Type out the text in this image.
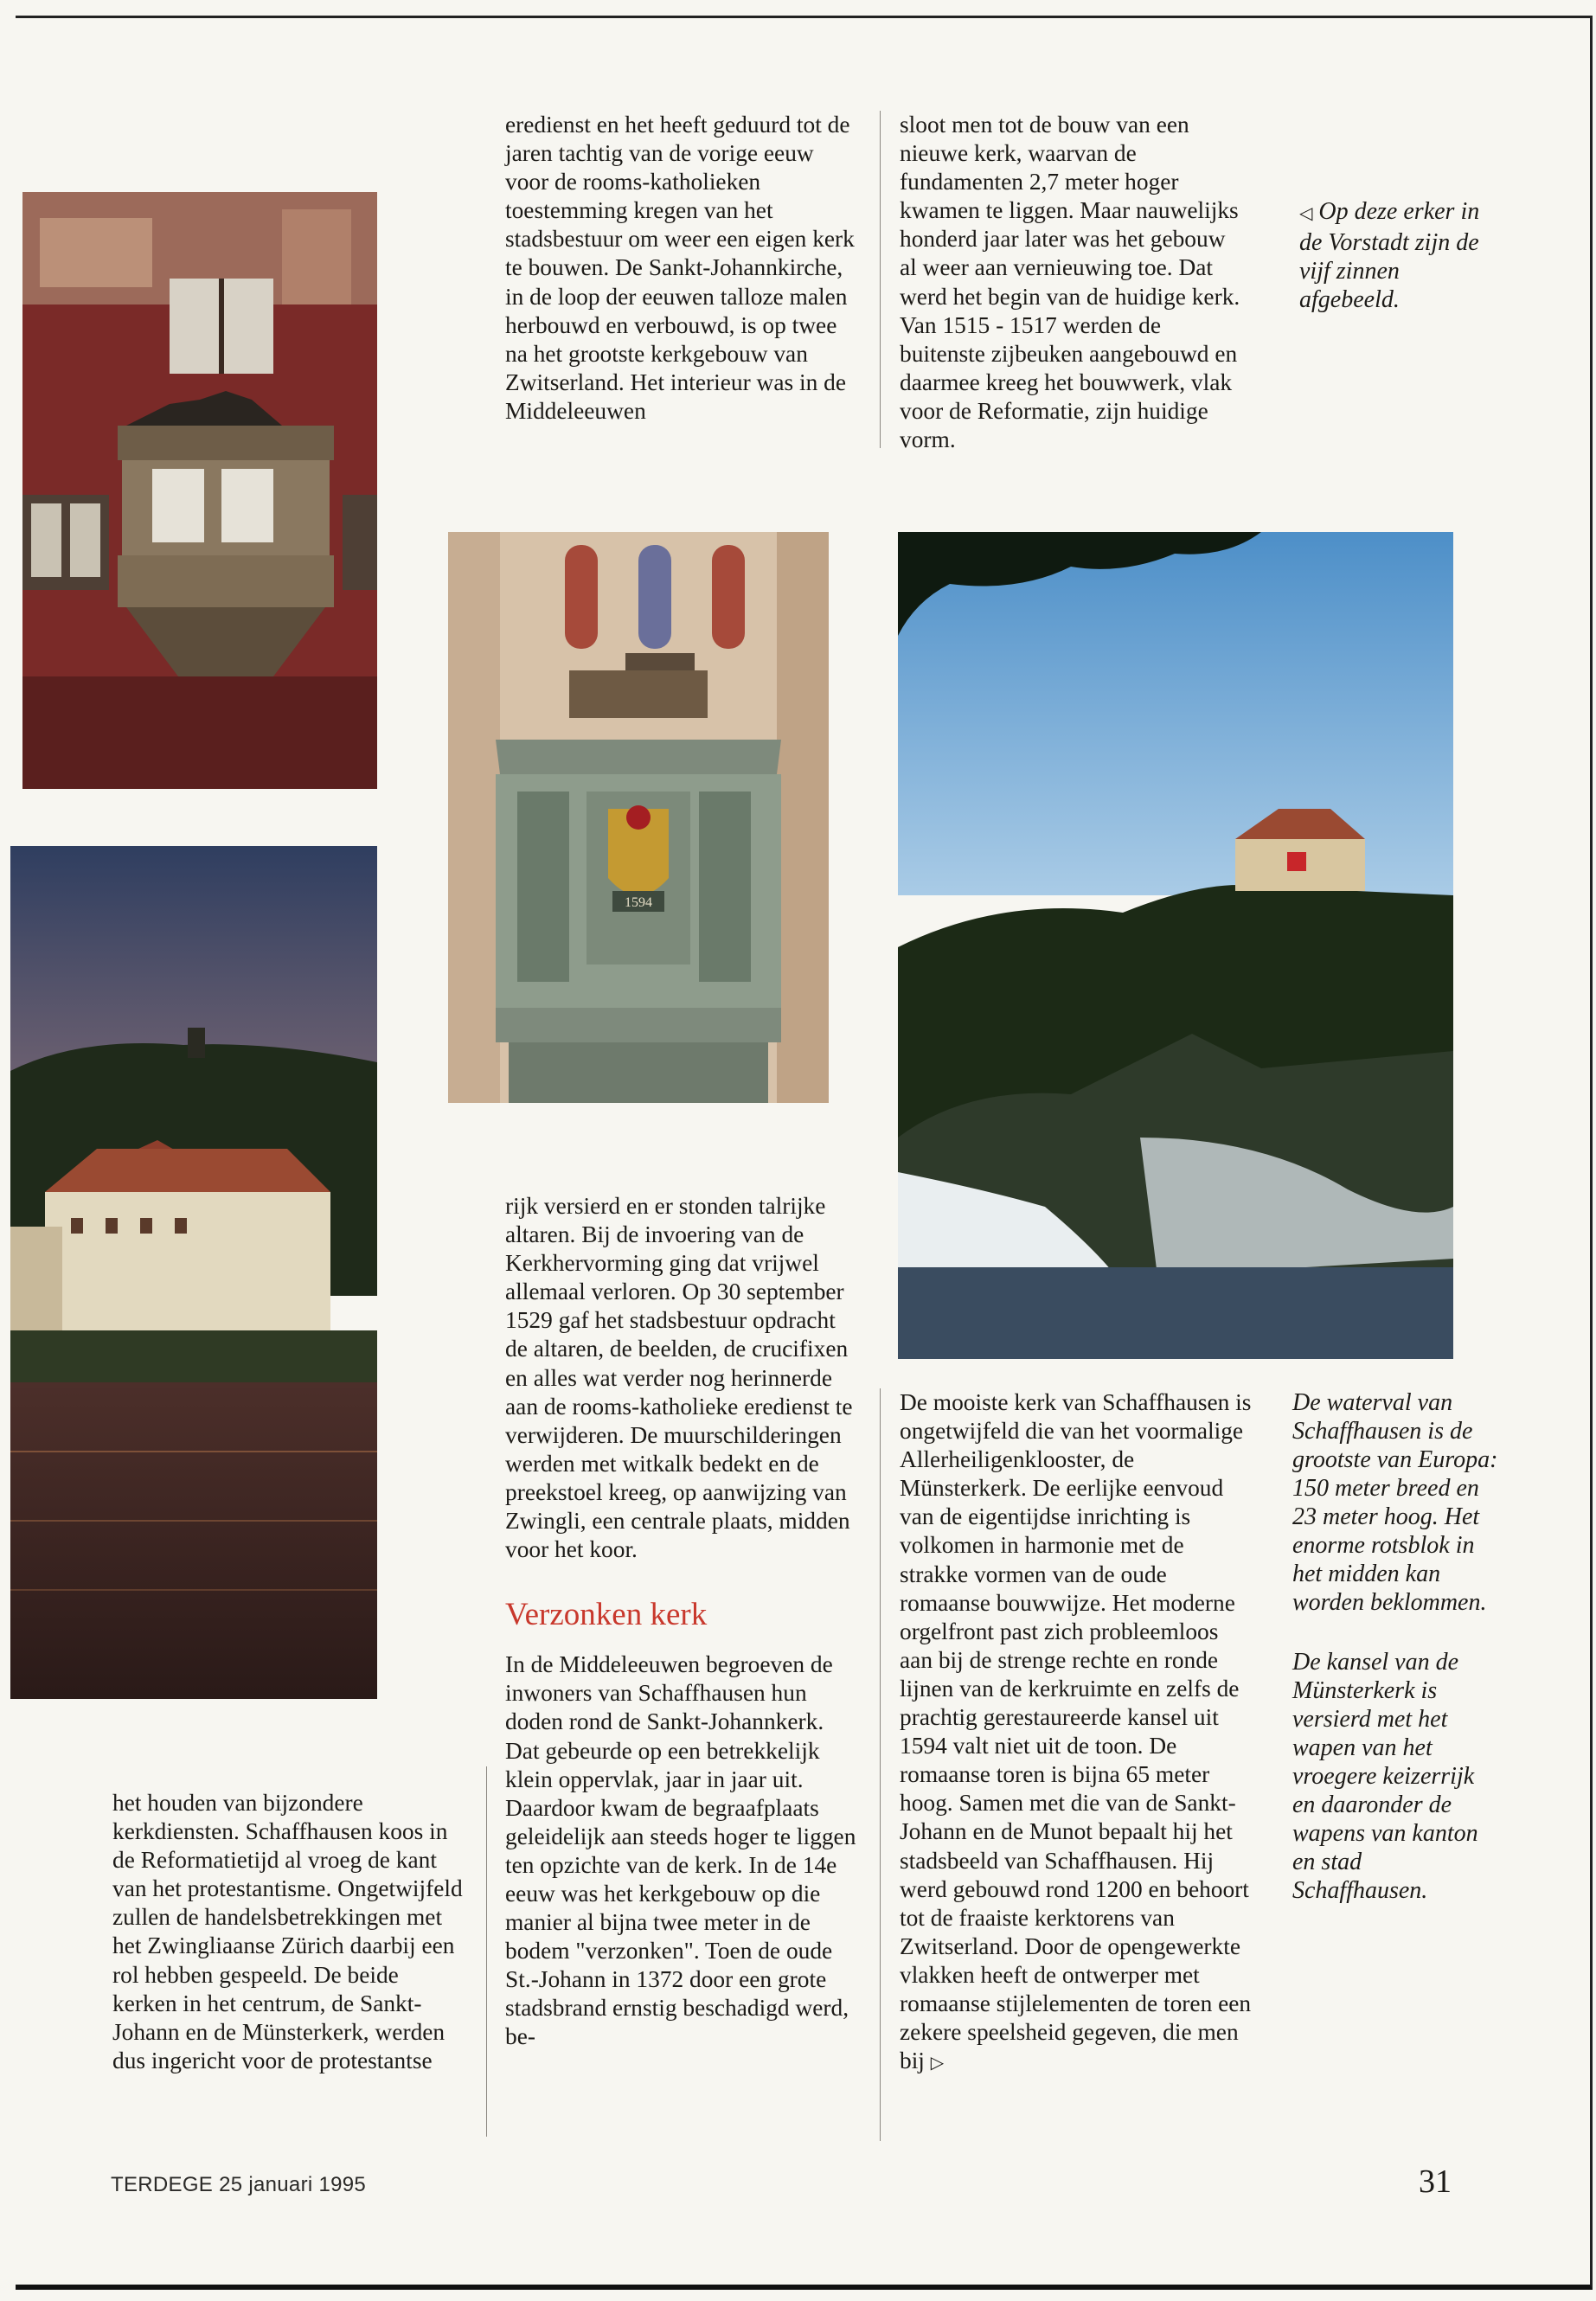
1594

eredienst en het heeft geduurd tot de jaren tachtig van de vorige eeuw voor de rooms-katholieken toestemming kregen van het stadsbestuur om weer een eigen kerk te bouwen. De Sankt-Johannkirche, in de loop der eeuwen talloze malen herbouwd en verbouwd, is op twee na het grootste kerkgebouw van Zwitserland. Het interieur was in de Middeleeuwen

sloot men tot de bouw van een nieuwe kerk, waarvan de fundamenten 2,7 meter hoger kwamen te liggen. Maar nauwelijks honderd jaar later was het gebouw al weer aan vernieuwing toe. Dat werd het begin van de huidige kerk. Van 1515 - 1517 werden de buitenste zijbeuken aangebouwd en daarmee kreeg het bouwwerk, vlak voor de Reformatie, zijn huidige vorm.

◁ Op deze erker in de Vorstadt zijn de vijf zinnen afgebeeld.

rijk versierd en er stonden talrijke altaren. Bij de invoering van de Kerkhervorming ging dat vrijwel allemaal verloren. Op 30 september 1529 gaf het stadsbestuur opdracht de altaren, de beelden, de crucifixen en alles wat verder nog herinnerde aan de rooms-katholieke eredienst te verwijderen. De muurschilderingen werden met witkalk bedekt en de preekstoel kreeg, op aanwijzing van Zwingli, een centrale plaats, midden voor het koor.

Verzonken kerk

In de Middeleeuwen begroeven de inwoners van Schaffhausen hun doden rond de Sankt-Johannkerk. Dat gebeurde op een betrekkelijk klein oppervlak, jaar in jaar uit. Daardoor kwam de begraafplaats geleidelijk aan steeds hoger te liggen ten opzichte van de kerk. In de 14e eeuw was het kerkgebouw op die manier al bijna twee meter in de bodem "verzonken". Toen de oude St.-Johann in 1372 door een grote stadsbrand ernstig beschadigd werd, be-

het houden van bijzondere kerkdiensten. Schaffhausen koos in de Reformatietijd al vroeg de kant van het protestantisme. Ongetwijfeld zullen de handelsbetrekkingen met het Zwingliaanse Zürich daarbij een rol hebben gespeeld. De beide kerken in het centrum, de Sankt-Johann en de Münsterkerk, werden dus ingericht voor de protestantse

De mooiste kerk van Schaffhausen is ongetwijfeld die van het voormalige Allerheiligenklooster, de Münsterkerk. De eerlijke eenvoud van de eigentijdse inrichting is volkomen in harmonie met de strakke vormen van de oude romaanse bouwwijze. Het moderne orgelfront past zich probleemloos aan bij de strenge rechte en ronde lijnen van de kerkruimte en zelfs de prachtig gerestaureerde kansel uit 1594 valt niet uit de toon. De romaanse toren is bijna 65 meter hoog. Samen met die van de Sankt-Johann en de Munot bepaalt hij het stadsbeeld van Schaffhausen. Hij werd gebouwd rond 1200 en behoort tot de fraaiste kerktorens van Zwitserland. Door de opengewerkte vlakken heeft de ontwerper met romaanse stijlelementen de toren een zekere speelsheid gegeven, die men bij ▷

De waterval van Schaffhausen is de grootste van Europa: 150 meter breed en 23 meter hoog. Het enorme rotsblok in het midden kan worden beklommen.

De kansel van de Münsterkerk is versierd met het wapen van het vroegere keizerrijk en daaronder de wapens van kanton en stad Schaffhausen.

TERDEGE 25 januari 1995	31
